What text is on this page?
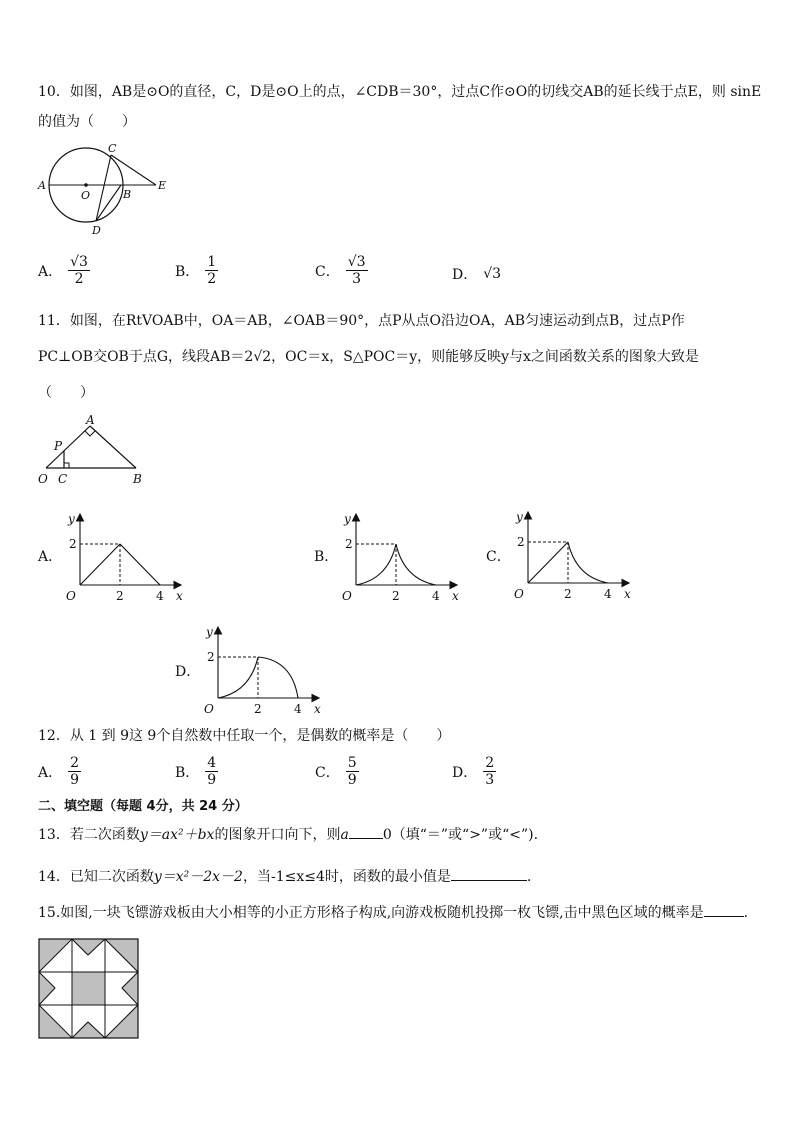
10．如图，AB是⊙O的直径，C，D是⊙O上的点，∠CDB＝30°，过点C作⊙O的切线交AB的延长线于点E，则 sinE
的值为（　　）
A
O	B
C
D
E
A． $\frac{√3}{2}$	B． $\frac{1}{2}$	C． $\frac{√3}{3}$	D． √3
11．如图，在RtVOAB中，OA＝AB，∠OAB＝90°，点P从点O沿边OA，AB匀速运动到点B，过点P作
PC⊥OB交OB于点G，线段AB＝2√2，OC＝x，S△POC＝y，则能够反映y与x之间函数关系的图象大致是
（　　）
A
P
O C	B
A．	B．	C．
D．
y
x
O
2
2	4
y
x
O
2
2	4
y
x
O
2
2	4
y
x
O
2
2	4
12．从 1 到 9这 9个自然数中任取一个，是偶数的概率是（　　）
A． $\frac{2}{9}$	B． $\frac{4}{9}$	C． $\frac{5}{9}$	D． $\frac{2}{3}$
二、填空题（每题 4分，共 24 分）
13．若二次函数y＝ax²＋bx的图象开口向下，则a 0（填“＝”或“>”或“<”).
14．已知二次函数y＝x²－2x－2，当-1≤x≤4时，函数的最小值是	.
15.如图,一块飞镖游戏板由大小相等的小正方形格子构成,向游戏板随机投掷一枚飞镖,击中黑色区域的概率是	.
